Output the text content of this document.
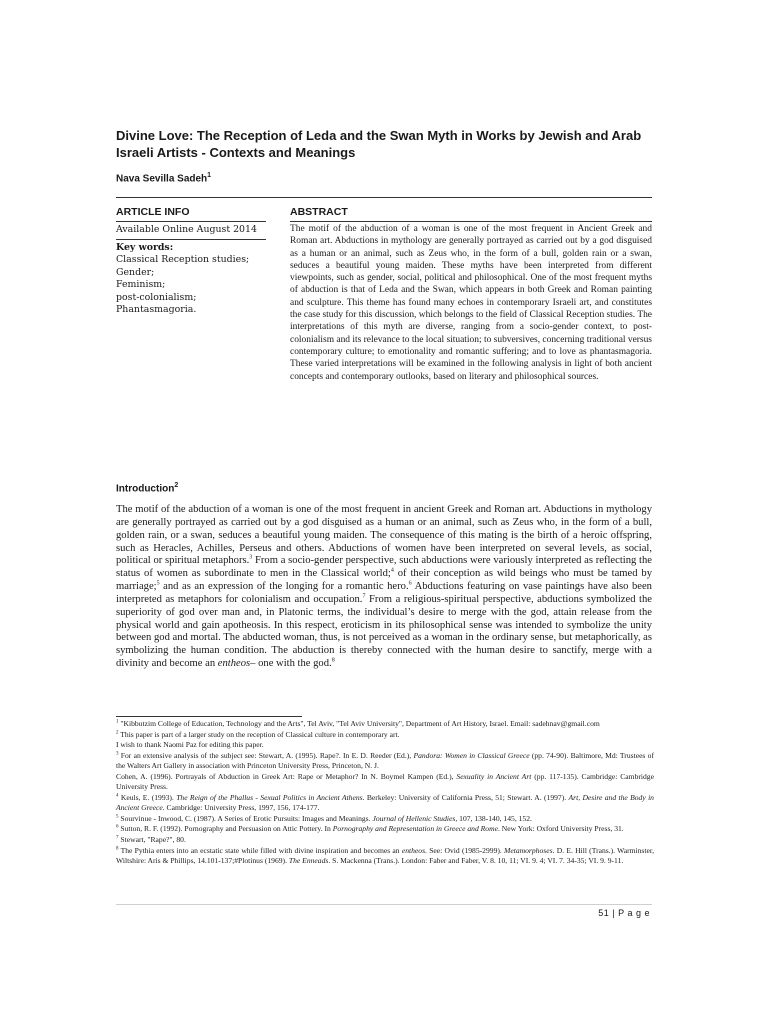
Divine Love: The Reception of Leda and the Swan Myth in Works by Jewish and Arab Israeli Artists - Contexts and Meanings
Nava Sevilla Sadeh$^1$
ARTICLE INFO	ABSTRACT
Available Online August 2014
Key words:
Classical Reception studies;
Gender;
Feminism;
post-colonialism;
Phantasmagoria.
The motif of the abduction of a woman is one of the most frequent in Ancient Greek and Roman art. Abductions in mythology are generally portrayed as carried out by a god disguised as a human or an animal, such as Zeus who, in the form of a bull, golden rain or a swan, seduces a beautiful young maiden. These myths have been interpreted from different viewpoints, such as gender, social, political and philosophical. One of the most frequent myths of abduction is that of Leda and the Swan, which appears in both Greek and Roman painting and sculpture. This theme has found many echoes in contemporary Israeli art, and constitutes the case study for this discussion, which belongs to the field of Classical Reception studies. The interpretations of this myth are diverse, ranging from a socio-gender context, to post-colonialism and its relevance to the local situation; to subversives, concerning traditional versus contemporary culture; to emotionality and romantic suffering; and to love as phantasmagoria. These varied interpretations will be examined in the following analysis in light of both ancient concepts and contemporary outlooks, based on literary and philosophical sources.
Introduction$^2$
The motif of the abduction of a woman is one of the most frequent in ancient Greek and Roman art. Abductions in mythology are generally portrayed as carried out by a god disguised as a human or an animal, such as Zeus who, in the form of a bull, golden rain, or a swan, seduces a beautiful young maiden. The consequence of this mating is the birth of a heroic offspring, such as Heracles, Achilles, Perseus and others. Abductions of women have been interpreted on several levels, as social, political or spiritual metaphors.$^3$ From a socio-gender perspective, such abductions were variously interpreted as reflecting the status of women as subordinate to men in the Classical world;$^4$ of their conception as wild beings who must be tamed by marriage;$^5$ and as an expression of the longing for a romantic hero.$^6$ Abductions featuring on vase paintings have also been interpreted as metaphors for colonialism and occupation.$^7$ From a religious-spiritual perspective, abductions symbolized the superiority of god over man and, in Platonic terms, the individual’s desire to merge with the god, attain release from the physical world and gain apotheosis. In this respect, eroticism in its philosophical sense was intended to symbolize the unity between god and mortal. The abducted woman, thus, is not perceived as a woman in the ordinary sense, but metaphorically, as symbolizing the human condition. The abduction is thereby connected with the human desire to sanctify, merge with a divinity and become an entheos– one with the god.$^8$

$^1$ "Kibbutzim College of Education, Technology and the Arts", Tel Aviv, "Tel Aviv University", Department of Art History, Israel. Email: sadehnav@gmail.com

$^2$ This paper is part of a larger study on the reception of Classical culture in contemporary art.

I wish to thank Naomi Paz for editing this paper.

$^3$ For an extensive analysis of the subject see: Stewart, A. (1995). Rape?. In E. D. Reeder (Ed.), Pandora: Women in Classical Greece (pp. 74-90). Baltimore, Md: Trustees of the Walters Art Gallery in association with Princeton University Press, Princeton, N. J.

Cohen, A. (1996). Portrayals of Abduction in Greek Art: Rape or Metaphor? In N. Boymel Kampen (Ed.), Sexuality in Ancient Art (pp. 117-135). Cambridge: Cambridge University Press.

$^4$ Keuls, E. (1993). The Reign of the Phallus - Sexual Politics in Ancient Athens. Berkeley: University of California Press, 51; Stewart. A. (1997). Art, Desire and the Body in Ancient Greece. Cambridge: University Press, 1997, 156, 174-177.

$^5$ Sourvinue - Inwood, C. (1987). A Series of Erotic Pursuits: Images and Meanings. Journal of Hellenic Studies, 107, 138-140, 145, 152.

$^6$ Sutton, R. F. (1992). Pornography and Persuasion on Attic Pottery. In Pornography and Representation in Greece and Rome. New York: Oxford University Press, 31.

$^7$ Stewart, "Rape?", 80.

$^8$ The Pythia enters into an ecstatic state while filled with divine inspiration and becomes an entheos. See: Ovid (1985-2999). Metamorphoses. D. E. Hill (Trans.). Warminster, Wiltshire: Aris & Phillips, 14.101-137;#Plotinus (1969). The Enneads. S. Mackenna (Trans.). London: Faber and Faber, V. 8. 10, 11; VI. 9. 4; VI. 7. 34-35; VI. 9. 9-11.

51 | P a g e
